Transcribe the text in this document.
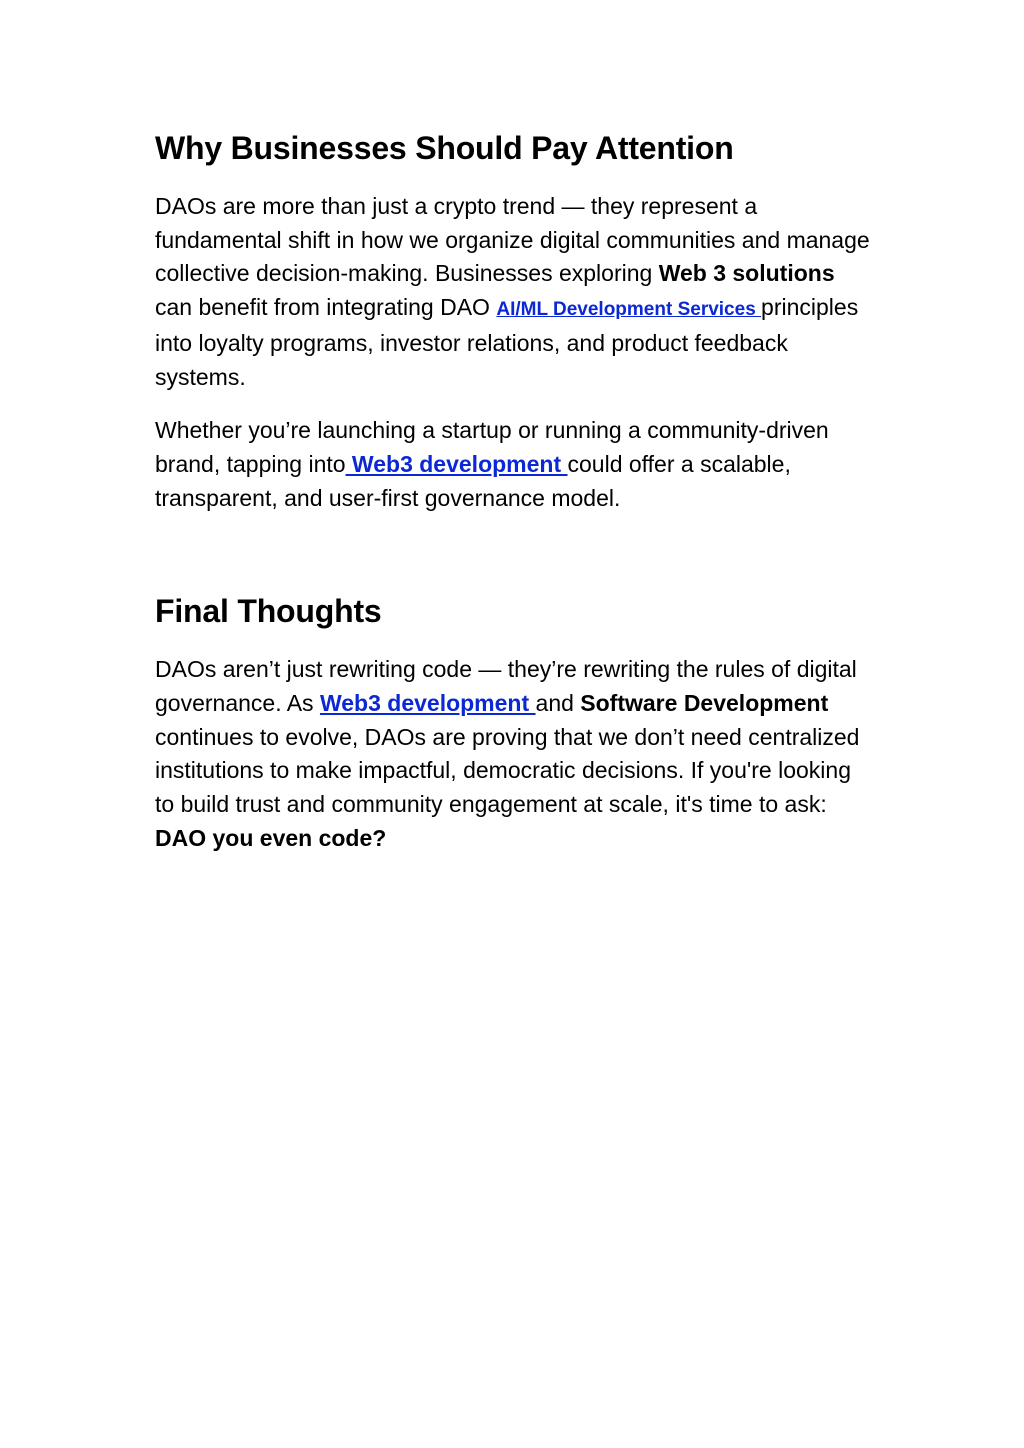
Why Businesses Should Pay Attention

DAOs are more than just a crypto trend — they represent a fundamental shift in how we organize digital communities and manage collective decision-making. Businesses exploring Web 3 solutions can benefit from integrating DAO AI/ML Development Services principles into loyalty programs, investor relations, and product feedback systems.

Whether you’re launching a startup or running a community-driven brand, tapping into Web3 development could offer a scalable, transparent, and user-first governance model.

Final Thoughts

DAOs aren’t just rewriting code — they’re rewriting the rules of digital governance. As Web3 development and Software Development continues to evolve, DAOs are proving that we don’t need centralized institutions to make impactful, democratic decisions. If you're looking to build trust and community engagement at scale, it's time to ask: DAO you even code?
